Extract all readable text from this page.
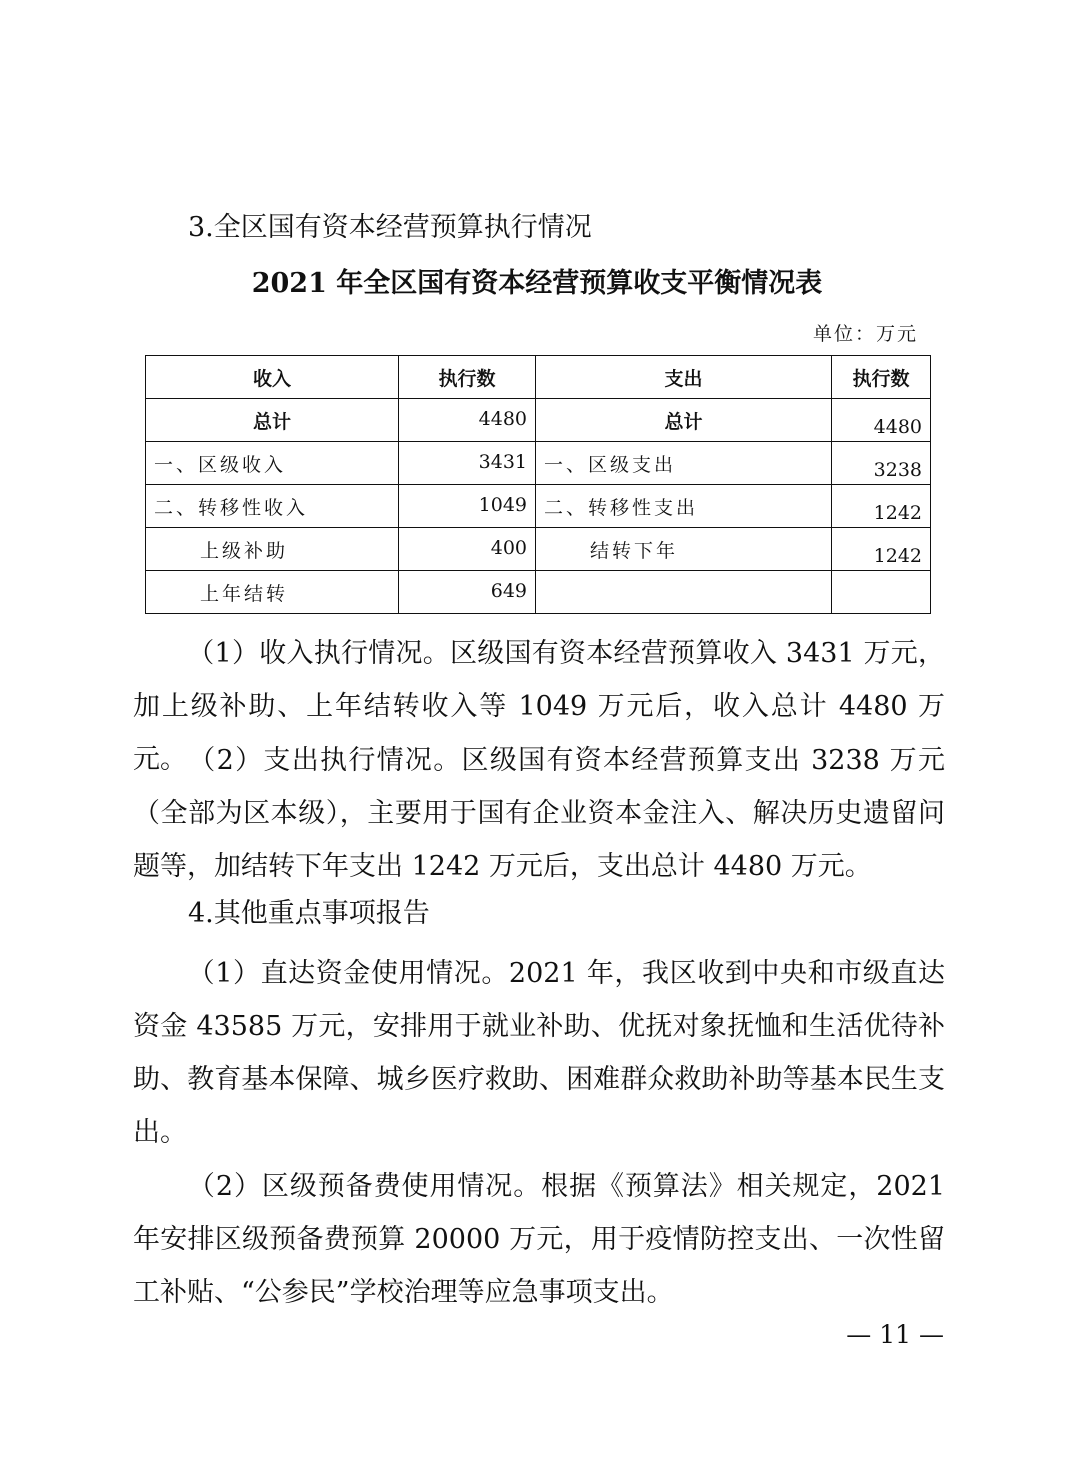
3.全区国有资本经营预算执行情况
2021 年全区国有资本经营预算收支平衡情况表
单位：万元
收入	执行数	支出	执行数
总计	4480	总计	4480
一、区级收入	3431	一、区级支出	3238
二、转移性收入	1049	二、转移性支出	1242
上级补助	400	结转下年	1242
上年结转	649		
（1）收入执行情况。区级国有资本经营预算收入 3431 万元，加上级补助、上年结转收入等 1049 万元后，收入总计 4480 万元。 （2）支出执行情况。区级国有资本经营预算支出 3238 万元（全部为区本级），主要用于国有企业资本金注入、解决历史遗留问题等，加结转下年支出 1242 万元后，支出总计 4480 万元。
4.其他重点事项报告
（1）直达资金使用情况。2021 年，我区收到中央和市级直达资金 43585 万元，安排用于就业补助、优抚对象抚恤和生活优待补助、教育基本保障、城乡医疗救助、困难群众救助补助等基本民生支出。
（2）区级预备费使用情况。根据《预算法》相关规定，2021 年安排区级预备费预算 20000 万元，用于疫情防控支出、一次性留工补贴、“公参民”学校治理等应急事项支出。
— 11 —
